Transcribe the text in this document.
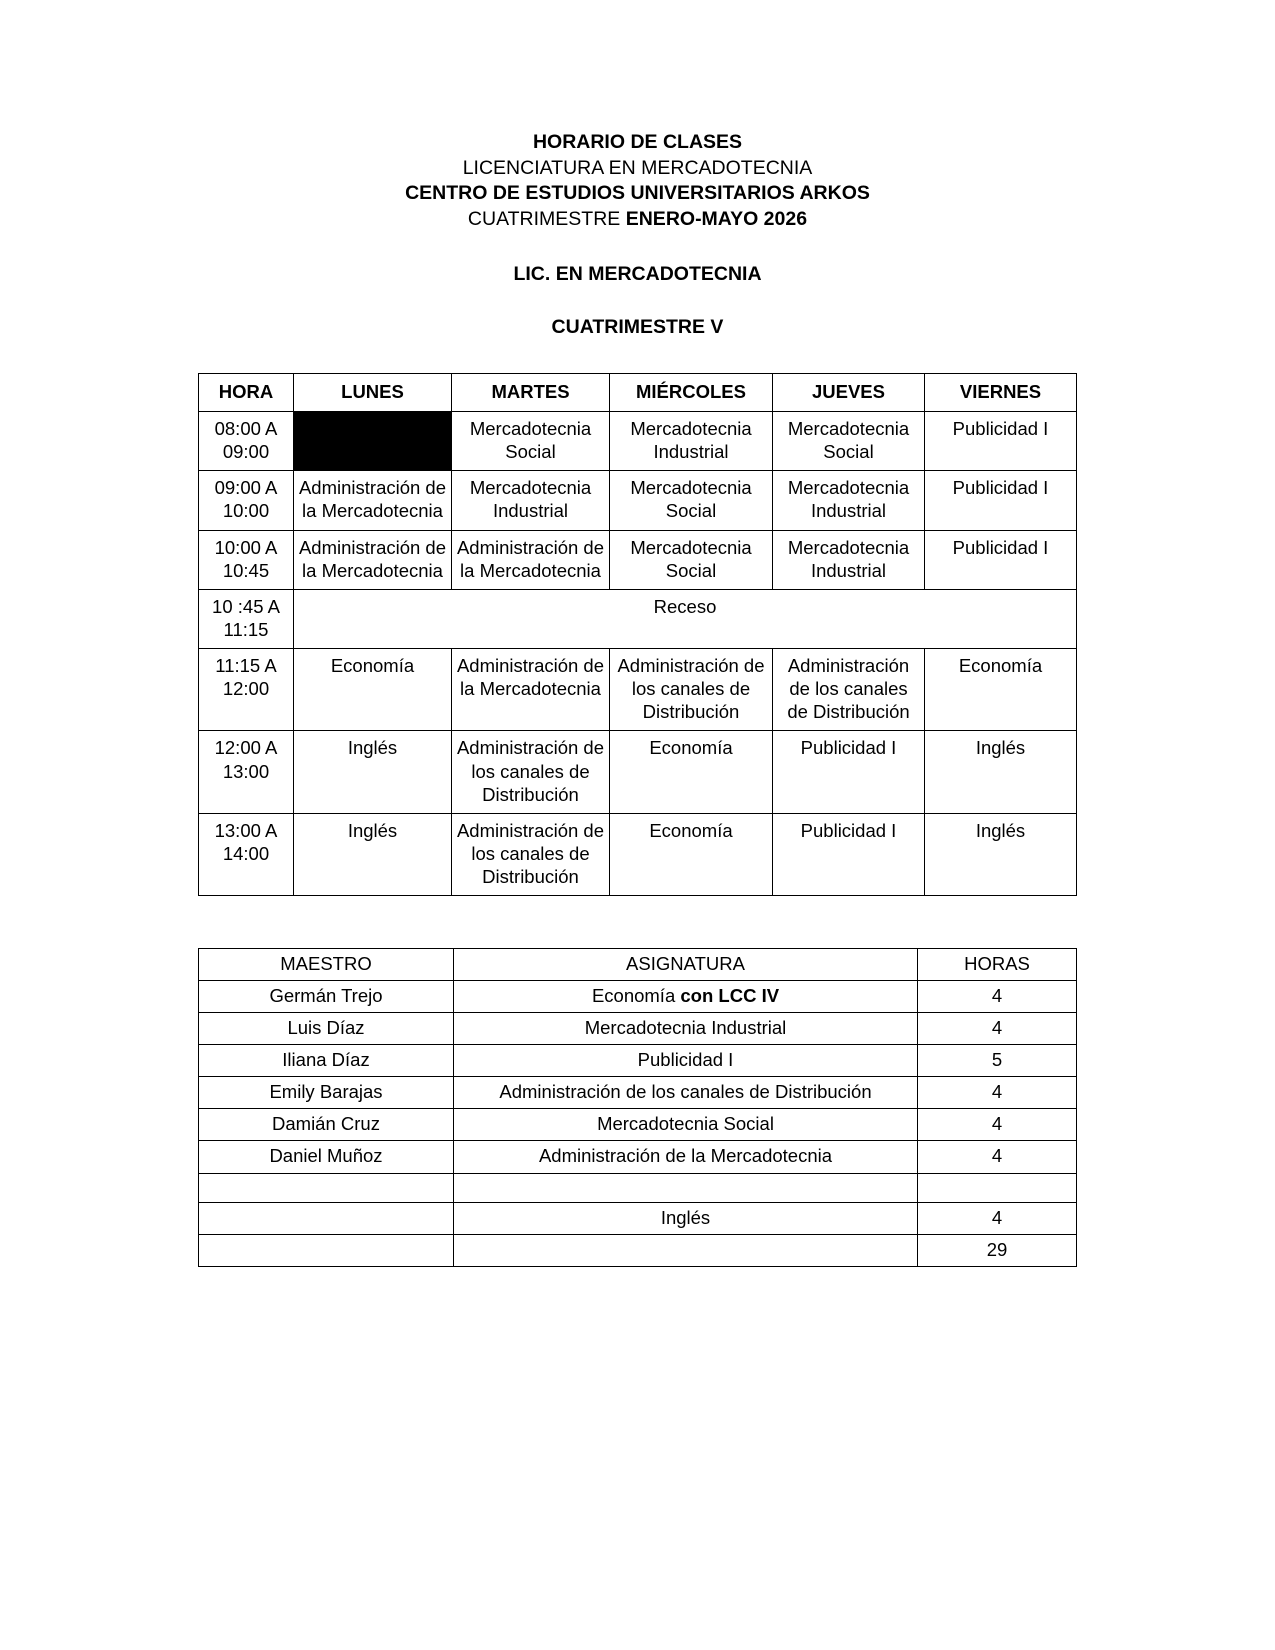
HORARIO DE CLASES
LICENCIATURA EN MERCADOTECNIA
CENTRO DE ESTUDIOS UNIVERSITARIOS ARKOS
CUATRIMESTRE ENERO-MAYO 2026
LIC. EN MERCADOTECNIA
CUATRIMESTRE V
HORA	LUNES	MARTES	MIÉRCOLES	JUEVES	VIERNES
08:00 A 09:00		Mercadotecnia Social	Mercadotecnia Industrial	Mercadotecnia Social	Publicidad I
09:00 A 10:00	Administración de la Mercadotecnia	Mercadotecnia Industrial	Mercadotecnia Social	Mercadotecnia Industrial	Publicidad I
10:00 A 10:45	Administración de la Mercadotecnia	Administración de la Mercadotecnia	Mercadotecnia Social	Mercadotecnia Industrial	Publicidad I
10 :45 A 11:15	Receso				
11:15 A 12:00	Economía	Administración de la Mercadotecnia	Administración de los canales de Distribución	Administración de los canales de Distribución	Economía
12:00 A 13:00	Inglés	Administración de los canales de Distribución	Economía	Publicidad I	Inglés
13:00 A 14:00	Inglés	Administración de los canales de Distribución	Economía	Publicidad I	Inglés
MAESTRO	ASIGNATURA	HORAS
Germán Trejo	Economía con LCC IV	4
Luis Díaz	Mercadotecnia Industrial	4
Iliana Díaz	Publicidad I	5
Emily Barajas	Administración de los canales de Distribución	4
Damián Cruz	Mercadotecnia Social	4
Daniel Muñoz	Administración de la Mercadotecnia	4

	Inglés	4
		29
